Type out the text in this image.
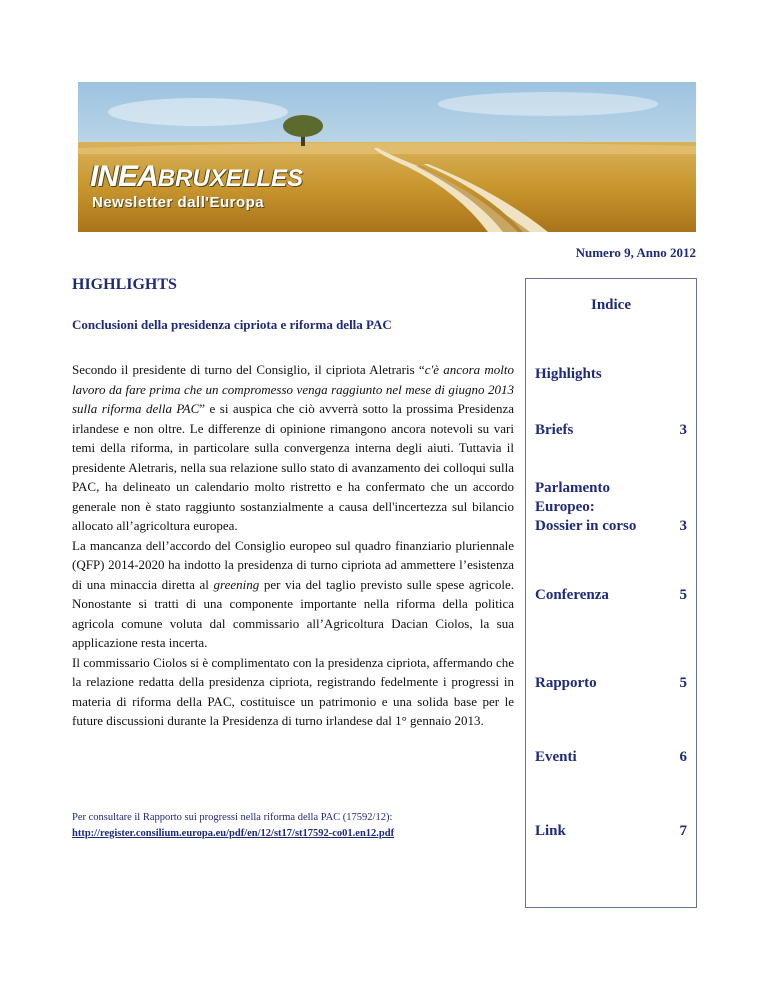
INEABRUXELLES
Newsletter dall'Europa
Numero 9, Anno 2012
HIGHLIGHTS
Conclusioni della presidenza cipriota e riforma della PAC

Secondo il presidente di turno del Consiglio, il cipriota Aletraris “c'è ancora molto lavoro da fare prima che un compromesso venga raggiunto nel mese di giugno 2013 sulla riforma della PAC” e si auspica che ciò avverrà sotto la prossima Presidenza irlandese e non oltre. Le differenze di opinione rimangono ancora notevoli su vari temi della riforma, in particolare sulla convergenza interna degli aiuti. Tuttavia il presidente Aletraris, nella sua relazione sullo stato di avanzamento dei colloqui sulla PAC, ha delineato un calendario molto ristretto e ha confermato che un accordo generale non è stato raggiunto sostanzialmente a causa dell'incertezza sul bilancio allocato all’agricoltura europea.

La mancanza dell’accordo del Consiglio europeo sul quadro finanziario pluriennale (QFP) 2014-2020 ha indotto la presidenza di turno cipriota ad ammettere l’esistenza di una minaccia diretta al greening per via del taglio previsto sulle spese agricole. Nonostante si tratti di una componente importante nella riforma della politica agricola comune voluta dal commissario all’Agricoltura Dacian Ciolos, la sua applicazione resta incerta.

Il commissario Ciolos si è complimentato con la presidenza cipriota, affermando che la relazione redatta della presidenza cipriota, registrando fedelmente i progressi in materia di riforma della PAC, costituisce un patrimonio e una solida base per le future discussioni durante la Presidenza di turno irlandese dal 1° gennaio 2013.

Per consultare il Rapporto sui progressi nella riforma della PAC (17592/12):
http://register.consilium.europa.eu/pdf/en/12/st17/st17592-co01.en12.pdf
Indice
Highlights
Briefs	3
Parlamento
Europeo:
Dossier in corso	3
Conferenza	5
Rapporto	5
Eventi	6
Link	7
